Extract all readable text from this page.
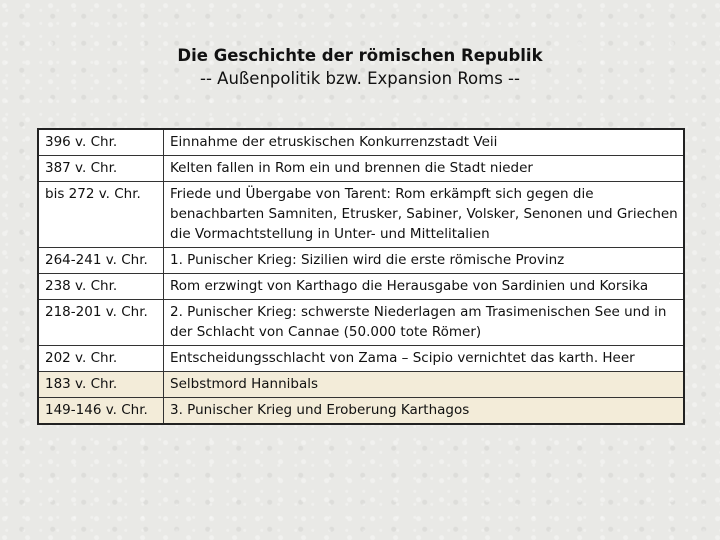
Die Geschichte der römischen Republik
-- Außenpolitik bzw. Expansion Roms --
396 v. Chr.	Einnahme der etruskischen Konkurrenzstadt Veii
387 v. Chr.	Kelten fallen in Rom ein und brennen die Stadt nieder
bis 272 v. Chr.	Friede und Übergabe von Tarent: Rom erkämpft sich gegen die benachbarten Samniten, Etrusker, Sabiner, Volsker, Senonen und Griechen die Vormachtstellung in Unter- und Mittelitalien
264-241 v. Chr.	1. Punischer Krieg: Sizilien wird die erste römische Provinz
238 v. Chr.	Rom erzwingt von Karthago die Herausgabe von Sardinien und Korsika
218-201 v. Chr.	2. Punischer Krieg: schwerste Niederlagen am Trasimenischen See und in der Schlacht von Cannae (50.000 tote Römer)
202 v. Chr.	Entscheidungsschlacht von Zama – Scipio vernichtet das karth. Heer
183 v. Chr.	Selbstmord Hannibals
149-146 v. Chr.	3. Punischer Krieg und Eroberung Karthagos
